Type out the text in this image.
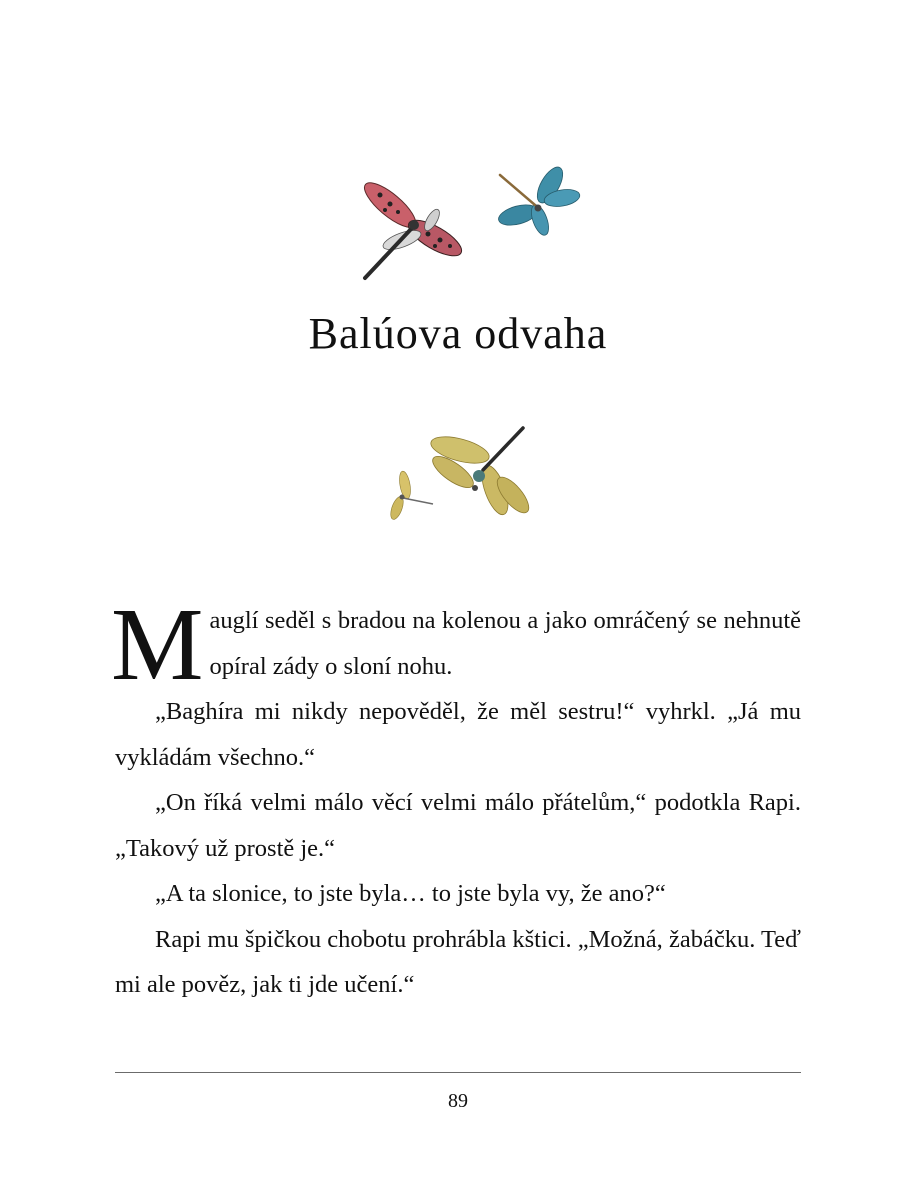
Balúova odvaha

Mauglí seděl s bradou na kolenou a jako omráčený se nehnutě opíral zády o sloní nohu.

„Baghíra mi nikdy nepověděl, že měl sestru!“ vyhrkl. „Já mu vykládám všechno.“

„On říká velmi málo věcí velmi málo přátelům,“ podotkla Rapi. „Takový už prostě je.“

„A ta slonice, to jste byla… to jste byla vy, že ano?“

Rapi mu špičkou chobotu prohrábla kštici. „Možná, žabáčku. Teď mi ale pověz, jak ti jde učení.“

89
